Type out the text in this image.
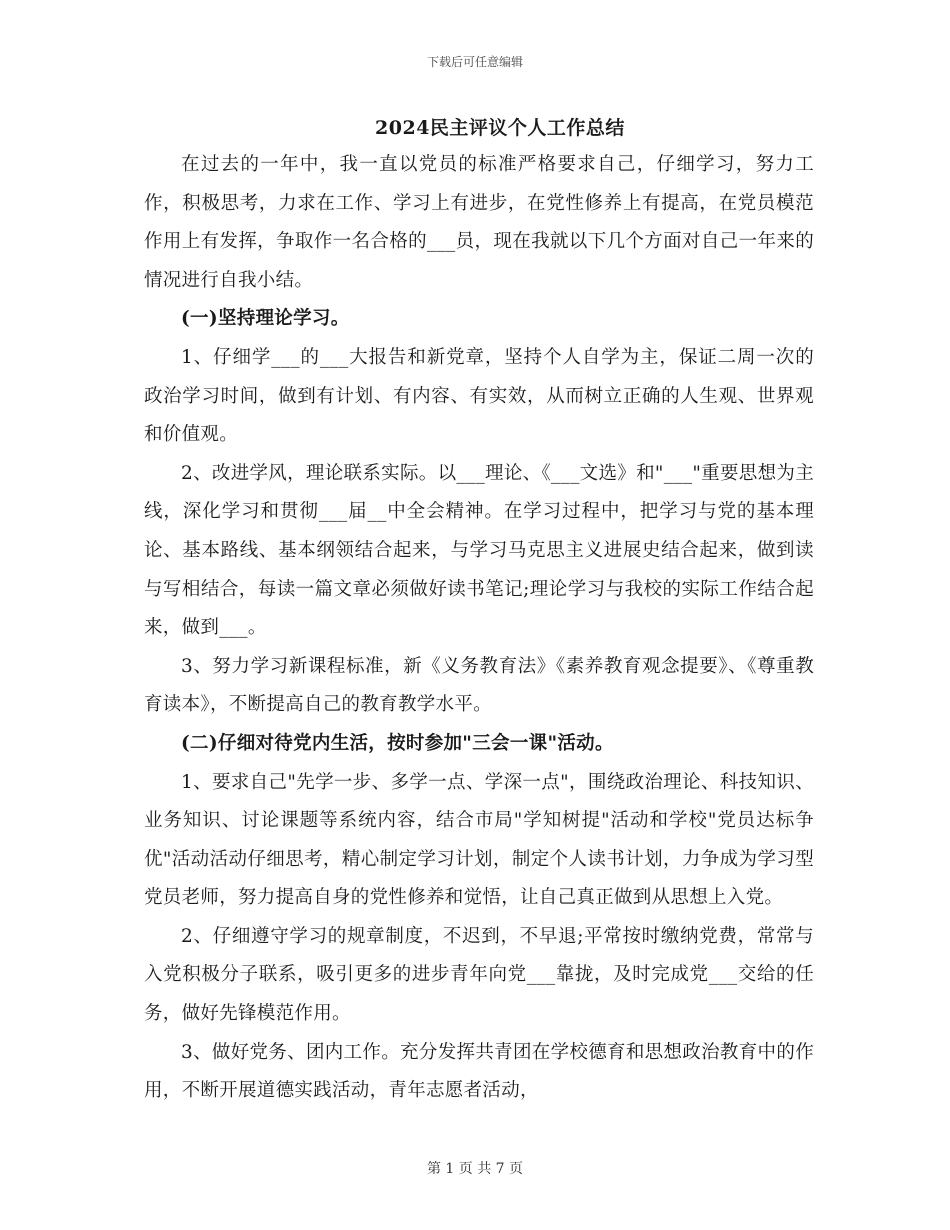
下载后可任意编辑
2024民主评议个人工作总结

在过去的一年中，我一直以党员的标准严格要求自己，仔细学习，努力工作，积极思考，力求在工作、学习上有进步，在党性修养上有提高，在党员模范作用上有发挥，争取作一名合格的___员，现在我就以下几个方面对自己一年来的情况进行自我小结。

(一)坚持理论学习。

1、仔细学___的___大报告和新党章，坚持个人自学为主，保证二周一次的政治学习时间，做到有计划、有内容、有实效，从而树立正确的人生观、世界观和价值观。

2、改进学风，理论联系实际。以___理论、《___文选》和"___"重要思想为主线，深化学习和贯彻___届__中全会精神。在学习过程中，把学习与党的基本理论、基本路线、基本纲领结合起来，与学习马克思主义进展史结合起来，做到读与写相结合，每读一篇文章必须做好读书笔记;理论学习与我校的实际工作结合起来，做到___。

3、努力学习新课程标准，新《义务教育法》《素养教育观念提要》、《尊重教育读本》，不断提高自己的教育教学水平。

(二)仔细对待党内生活，按时参加"三会一课"活动。

1、要求自己"先学一步、多学一点、学深一点"，围绕政治理论、科技知识、业务知识、讨论课题等系统内容，结合市局"学知树提"活动和学校"党员达标争优"活动活动仔细思考，精心制定学习计划，制定个人读书计划，力争成为学习型党员老师，努力提高自身的党性修养和觉悟，让自己真正做到从思想上入党。

2、仔细遵守学习的规章制度，不迟到，不早退;平常按时缴纳党费，常常与入党积极分子联系，吸引更多的进步青年向党___靠拢，及时完成党___交给的任务，做好先锋模范作用。

3、做好党务、团内工作。充分发挥共青团在学校德育和思想政治教育中的作用，不断开展道德实践活动，青年志愿者活动，

第 1 页 共 7 页
